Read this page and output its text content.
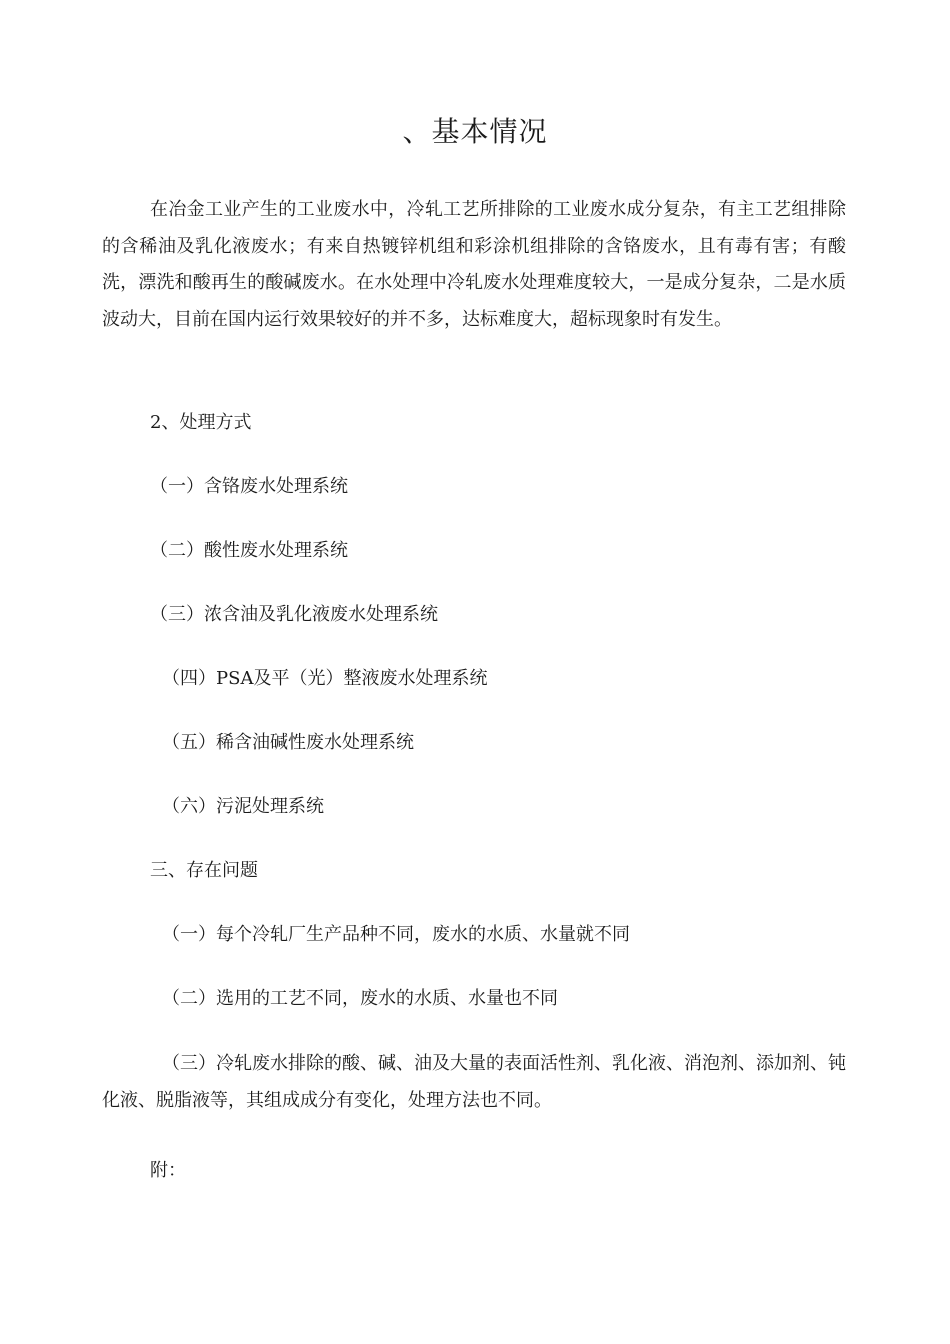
、基本情况

在冶金工业产生的工业废水中，冷轧工艺所排除的工业废水成分复杂，有主工艺组排除的含稀油及乳化液废水；有来自热镀锌机组和彩涂机组排除的含铬废水，且有毒有害；有酸洗，漂洗和酸再生的酸碱废水。在水处理中冷轧废水处理难度较大，一是成分复杂，二是水质波动大，目前在国内运行效果较好的并不多，达标难度大，超标现象时有发生。

2、处理方式

（一）含铬废水处理系统

（二）酸性废水处理系统

（三）浓含油及乳化液废水处理系统

（四）PSA及平（光）整液废水处理系统

（五）稀含油碱性废水处理系统

（六）污泥处理系统

三、存在问题

（一）每个冷轧厂生产品种不同，废水的水质、水量就不同

（二）选用的工艺不同，废水的水质、水量也不同

（三）冷轧废水排除的酸、碱、油及大量的表面活性剂、乳化液、消泡剂、添加剂、钝化液、脱脂液等，其组成成分有变化，处理方法也不同。

附：
